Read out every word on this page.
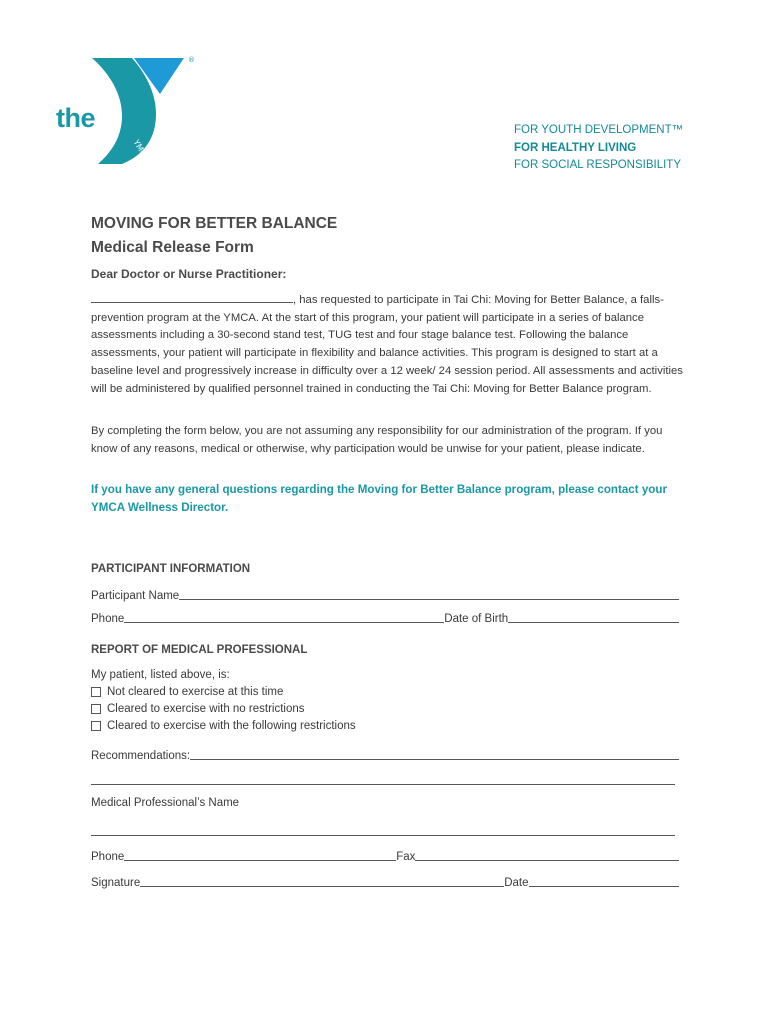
®
YMCA
the	FOR YOUTH DEVELOPMENT™
FOR HEALTHY LIVING
FOR SOCIAL RESPONSIBILITY
MOVING FOR BETTER BALANCE
Medical Release Form
Dear Doctor or Nurse Practitioner:
, has requested to participate in Tai Chi: Moving for Better Balance, a falls-prevention program at the YMCA. At the start of this program, your patient will participate in a series of balance assessments including a 30-second stand test, TUG test and four stage balance test. Following the balance assessments, your patient will participate in flexibility and balance activities. This program is designed to start at a baseline level and progressively increase in difficulty over a 12 week/ 24 session period. All assessments and activities will be administered by qualified personnel trained in conducting the Tai Chi: Moving for Better Balance program.
By completing the form below, you are not assuming any responsibility for our administration of the program. If you know of any reasons, medical or otherwise, why participation would be unwise for your patient, please indicate.
If you have any general questions regarding the Moving for Better Balance program, please contact your YMCA Wellness Director.
PARTICIPANT INFORMATION
Participant Name
Phone	Date of Birth
REPORT OF MEDICAL PROFESSIONAL
My patient, listed above, is:
Not cleared to exercise at this time
Cleared to exercise with no restrictions
Cleared to exercise with the following restrictions
Recommendations:
Medical Professional’s Name
Phone	Fax
Signature	Date
